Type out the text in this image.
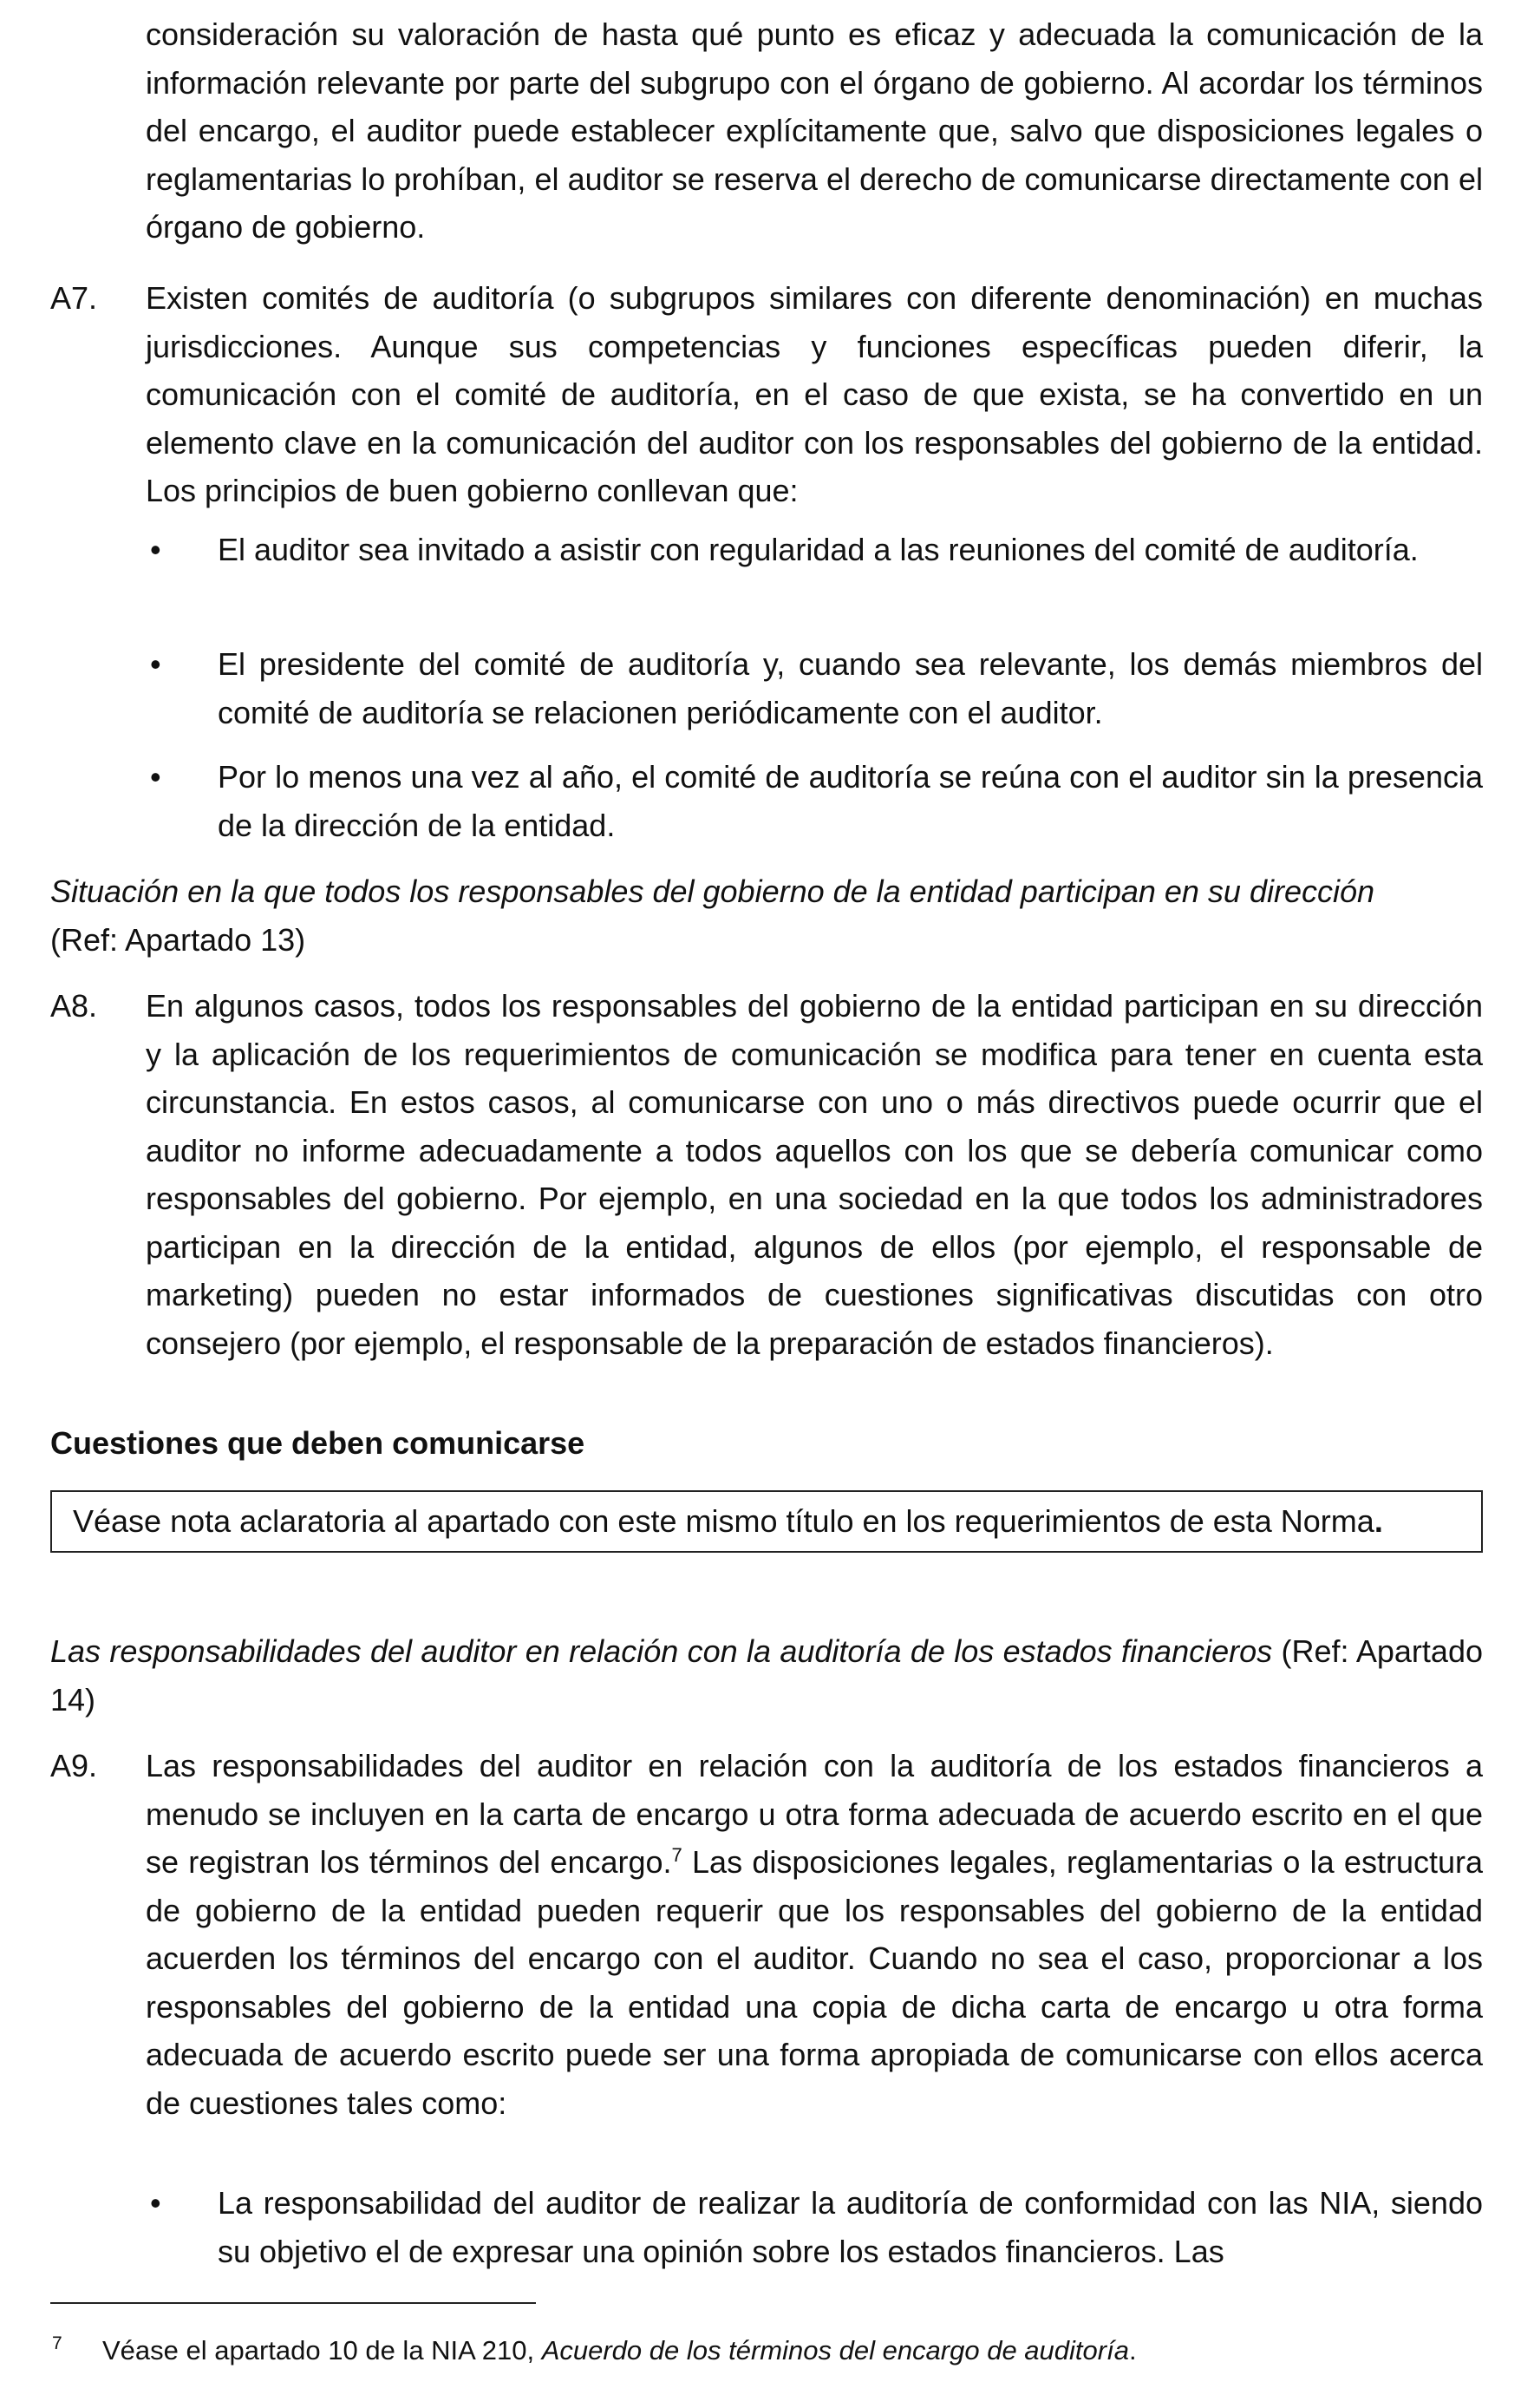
consideración su valoración de hasta qué punto es eficaz y adecuada la comunicación de la información relevante por parte del subgrupo con el órgano de gobierno. Al acordar los términos del encargo, el auditor puede establecer explícitamente que, salvo que disposiciones legales o reglamentarias lo prohíban, el auditor se reserva el derecho de comunicarse directamente con el órgano de gobierno.

A7. Existen comités de auditoría (o subgrupos similares con diferente denominación) en muchas jurisdicciones. Aunque sus competencias y funciones específicas pueden diferir, la comunicación con el comité de auditoría, en el caso de que exista, se ha convertido en un elemento clave en la comunicación del auditor con los responsables del gobierno de la entidad. Los principios de buen gobierno conllevan que:

• El auditor sea invitado a asistir con regularidad a las reuniones del comité de auditoría.

• El presidente del comité de auditoría y, cuando sea relevante, los demás miembros del comité de auditoría se relacionen periódicamente con el auditor.

• Por lo menos una vez al año, el comité de auditoría se reúna con el auditor sin la presencia de la dirección de la entidad.

Situación en la que todos los responsables del gobierno de la entidad participan en su dirección
(Ref: Apartado 13)

A8. En algunos casos, todos los responsables del gobierno de la entidad participan en su dirección y la aplicación de los requerimientos de comunicación se modifica para tener en cuenta esta circunstancia. En estos casos, al comunicarse con uno o más directivos puede ocurrir que el auditor no informe adecuadamente a todos aquellos con los que se debería comunicar como responsables del gobierno. Por ejemplo, en una sociedad en la que todos los administradores participan en la dirección de la entidad, algunos de ellos (por ejemplo, el responsable de marketing) pueden no estar informados de cuestiones significativas discutidas con otro consejero (por ejemplo, el responsable de la preparación de estados financieros).

Cuestiones que deben comunicarse

Véase nota aclaratoria al apartado con este mismo título en los requerimientos de esta Norma.

Las responsabilidades del auditor en relación con la auditoría de los estados financieros (Ref: Apartado 14)

A9. Las responsabilidades del auditor en relación con la auditoría de los estados financieros a menudo se incluyen en la carta de encargo u otra forma adecuada de acuerdo escrito en el que se registran los términos del encargo.$^7$ Las disposiciones legales, reglamentarias o la estructura de gobierno de la entidad pueden requerir que los responsables del gobierno de la entidad acuerden los términos del encargo con el auditor. Cuando no sea el caso, proporcionar a los responsables del gobierno de la entidad una copia de dicha carta de encargo u otra forma adecuada de acuerdo escrito puede ser una forma apropiada de comunicarse con ellos acerca de cuestiones tales como:

• La responsabilidad del auditor de realizar la auditoría de conformidad con las NIA, siendo su objetivo el de expresar una opinión sobre los estados financieros. Las

7 Véase el apartado 10 de la NIA 210, Acuerdo de los términos del encargo de auditoría.
